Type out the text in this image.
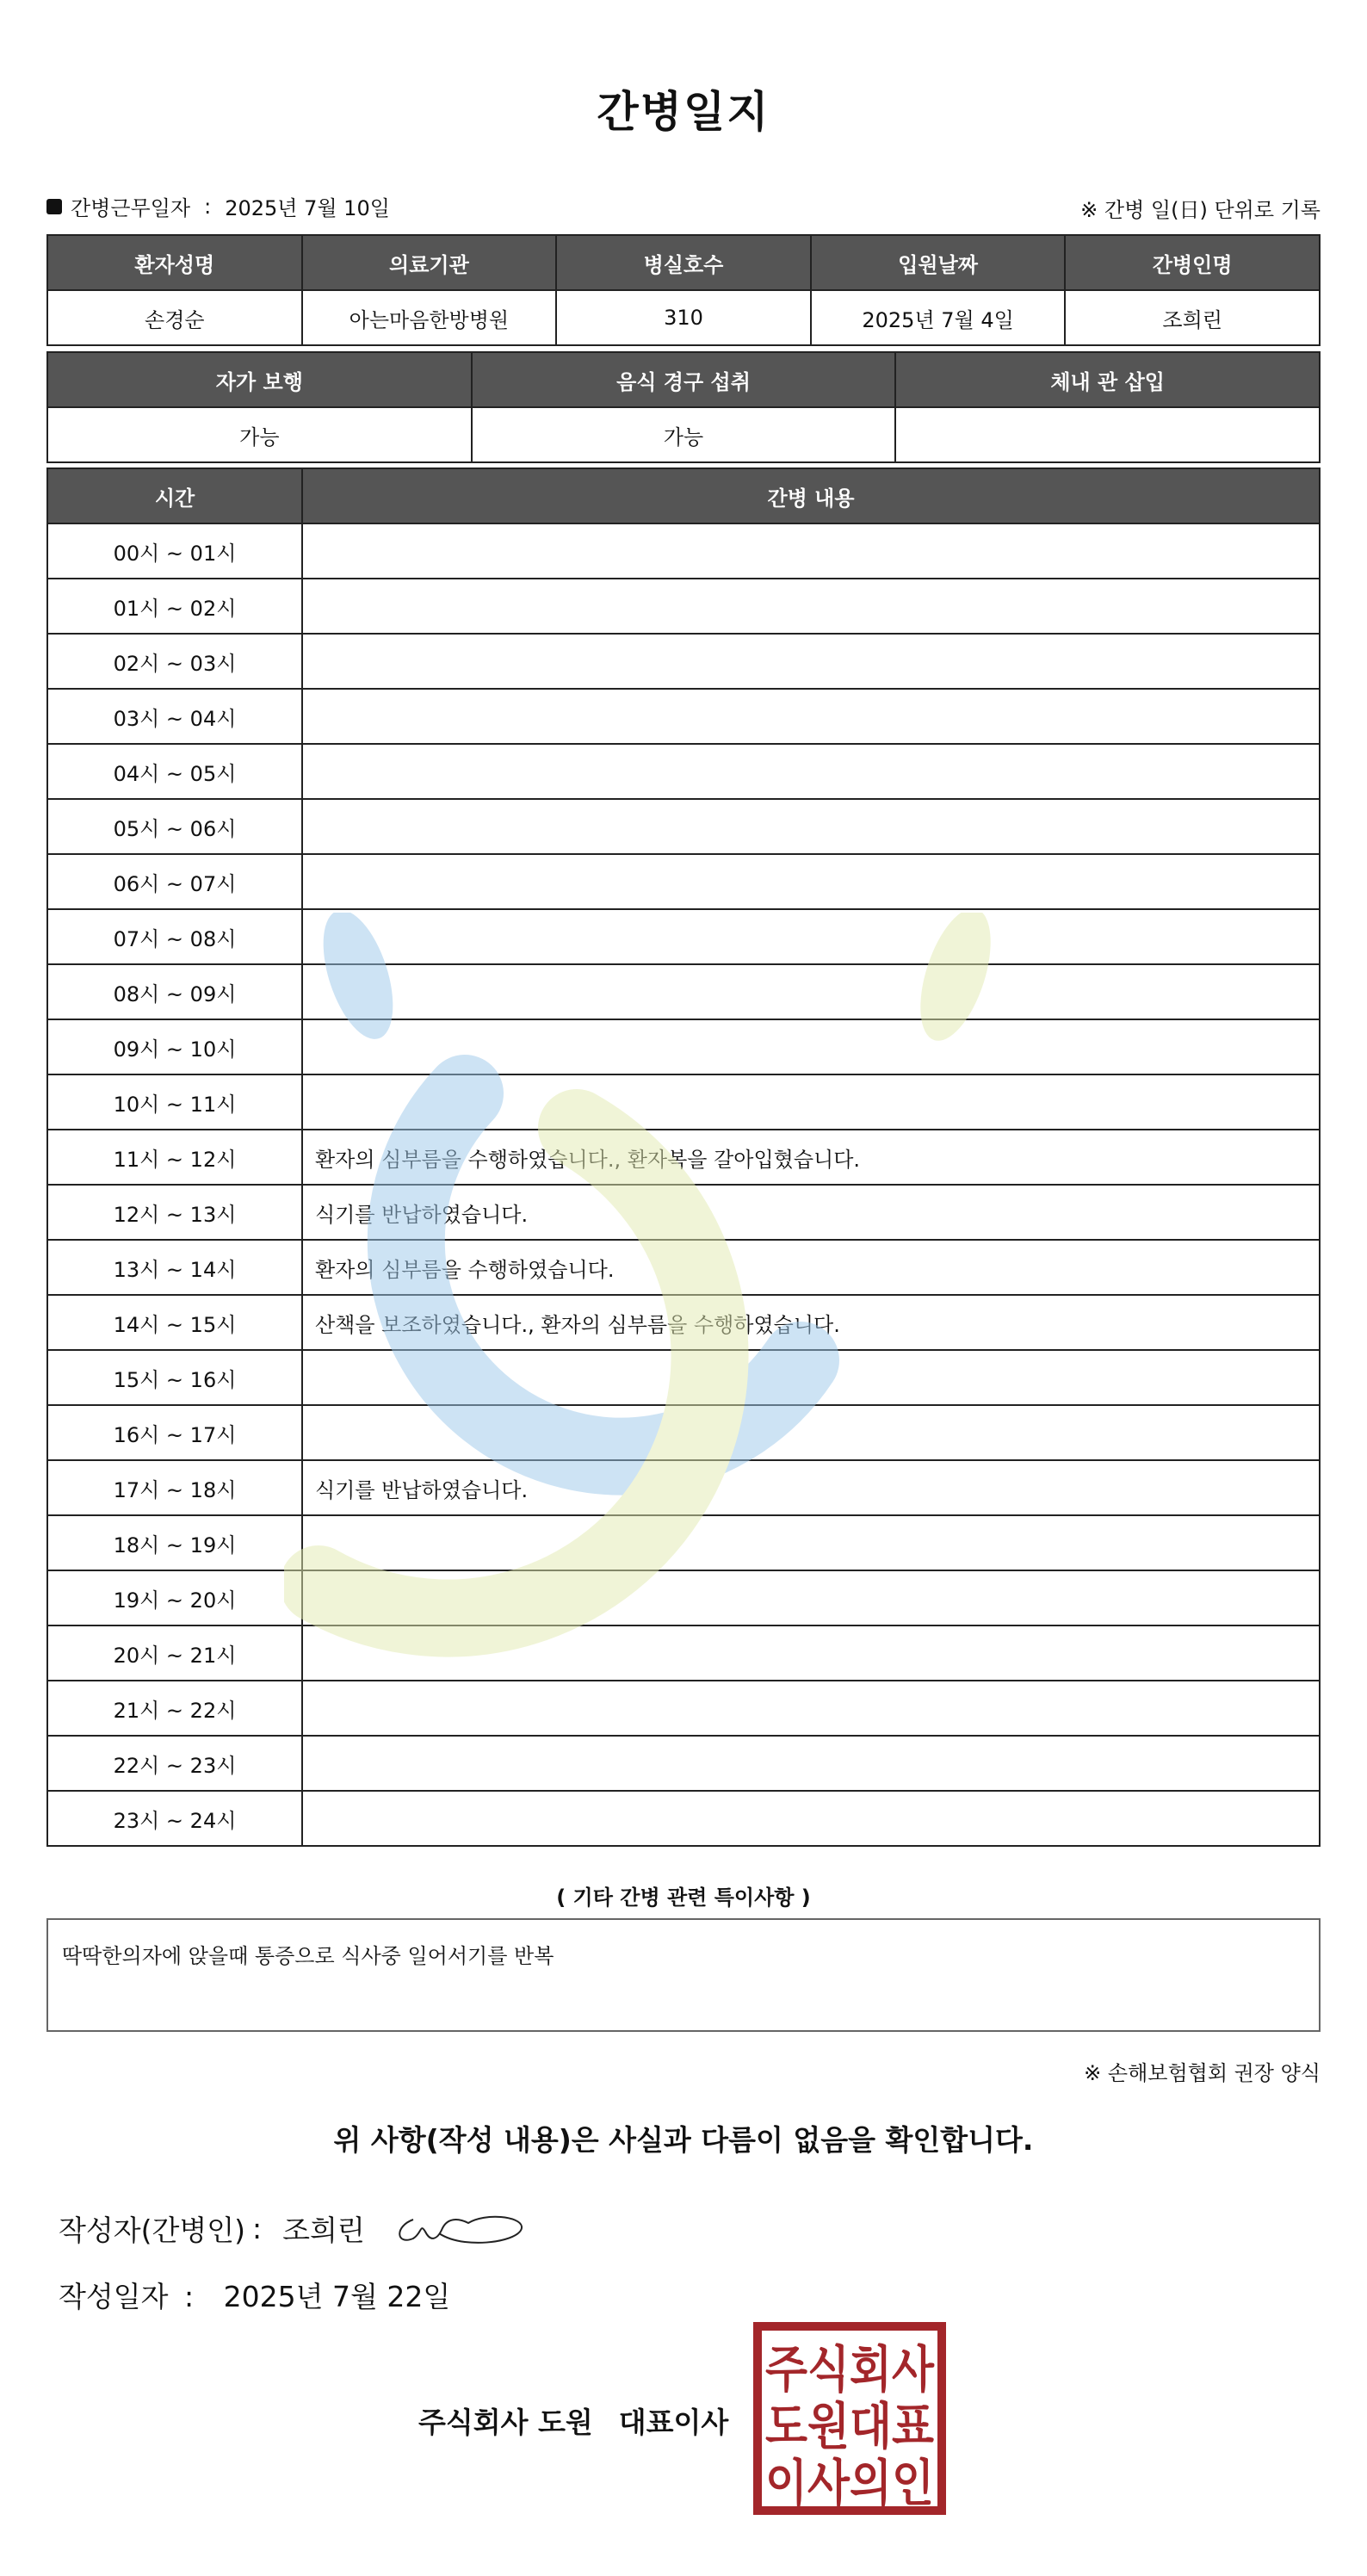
간병일지
간병근무일자 : 2025년 7월 10일	※ 간병 일(日) 단위로 기록
환자성명	의료기관	병실호수	입원날짜	간병인명
손경순	아는마음한방병원	310	2025년 7월 4일	조희린
자가 보행	음식 경구 섭취	체내 관 삽입
가능	가능	
시간	간병 내용
00시 ~ 01시	
01시 ~ 02시	
02시 ~ 03시	
03시 ~ 04시	
04시 ~ 05시	
05시 ~ 06시	
06시 ~ 07시	
07시 ~ 08시	
08시 ~ 09시	
09시 ~ 10시	
10시 ~ 11시	
11시 ~ 12시	환자의 심부름을 수행하였습니다., 환자복을 갈아입혔습니다.
12시 ~ 13시	식기를 반납하였습니다.
13시 ~ 14시	환자의 심부름을 수행하였습니다.
14시 ~ 15시	산책을 보조하였습니다., 환자의 심부름을 수행하였습니다.
15시 ~ 16시	
16시 ~ 17시	
17시 ~ 18시	식기를 반납하였습니다.
18시 ~ 19시	
19시 ~ 20시	
20시 ~ 21시	
21시 ~ 22시	
22시 ~ 23시	
23시 ~ 24시	
( 기타 간병 관련 특이사항 )
딱딱한의자에 앉을때 통증으로 식사중 일어서기를 반복
※ 손해보험협회 권장 양식
위 사항(작성 내용)은 사실과 다름이 없음을 확인합니다.
작성자(간병인) : 조희린
작성일자 : 2025년 7월 22일
주식회사 도원 대표이사
주식회사
도원대표
이사의인
